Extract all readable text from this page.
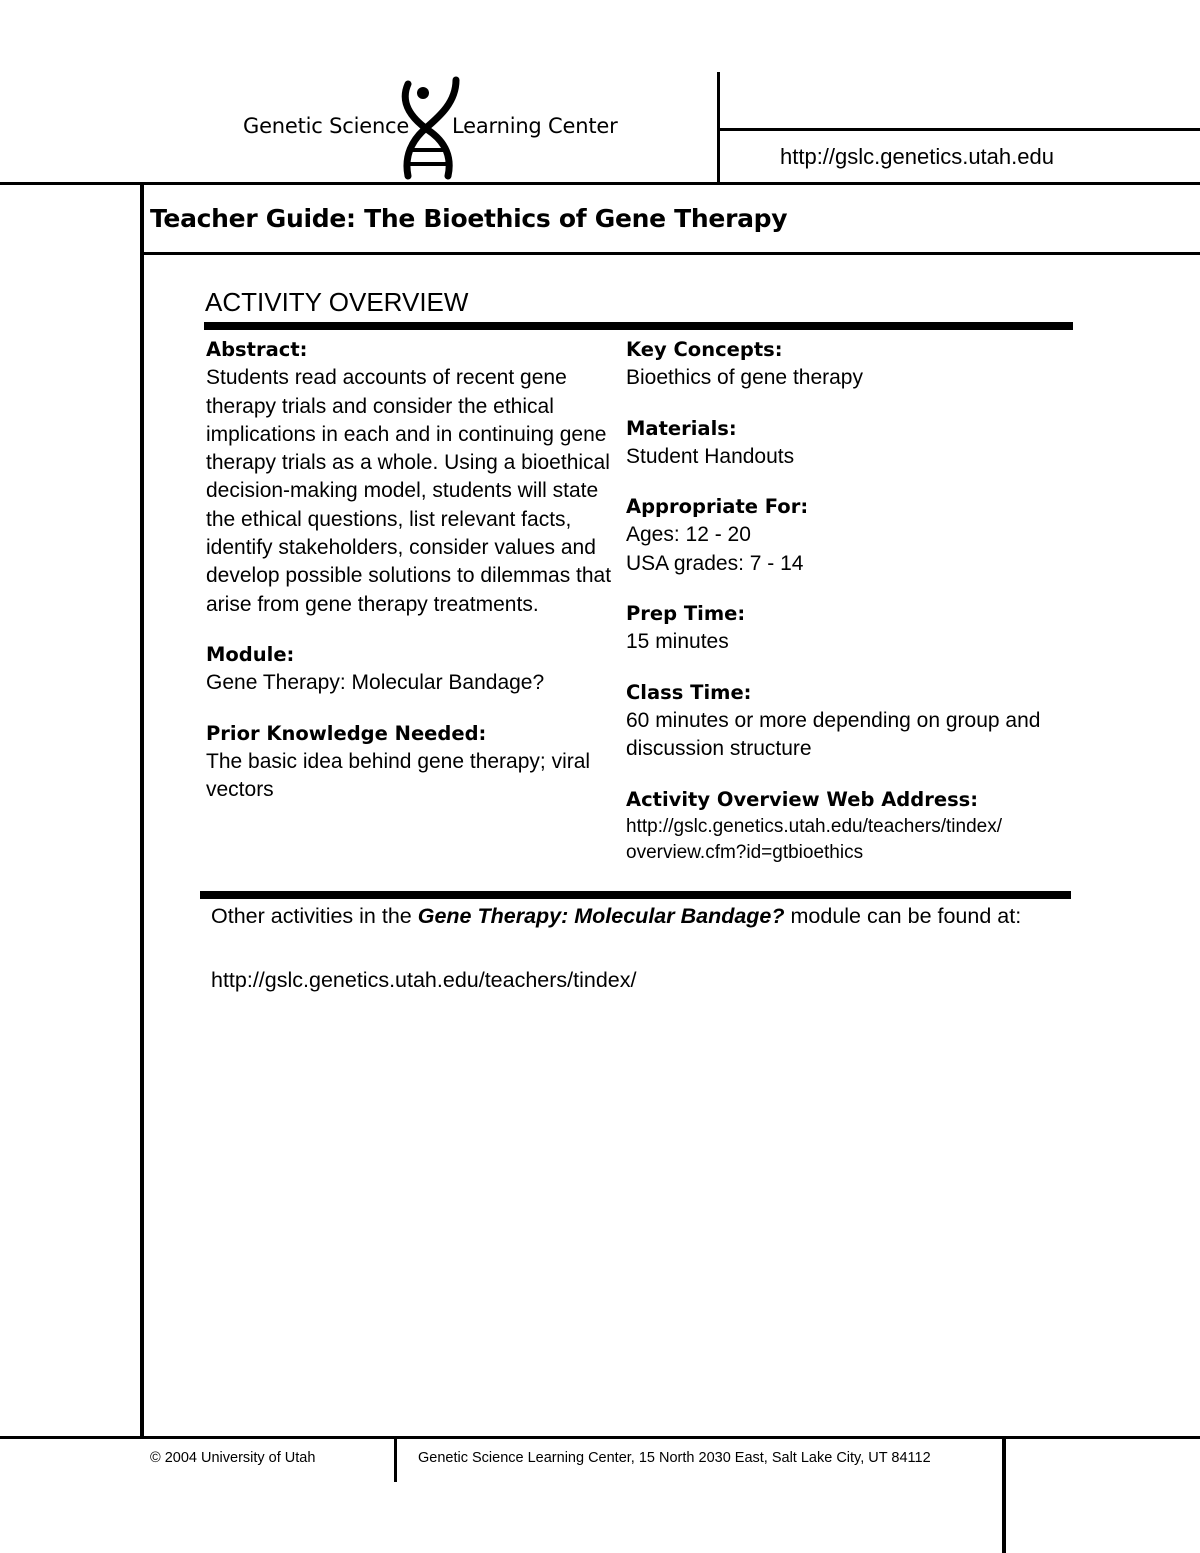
Genetic Science Learning Center
http://gslc.genetics.utah.edu
Teacher Guide: The Bioethics of Gene Therapy
ACTIVITY OVERVIEW
Abstract:

Students read accounts of recent gene therapy trials and consider the ethical implications in each and in continuing gene therapy trials as a whole. Using a bioethical decision-making model, students will state the ethical questions, list relevant facts, identify stakeholders, consider values and develop possible solutions to dilemmas that arise from gene therapy treatments.

Module:

Gene Therapy: Molecular Bandage?

Prior Knowledge Needed:

The basic idea behind gene therapy; viral vectors

Key Concepts:

Bioethics of gene therapy

Materials:

Student Handouts

Appropriate For:

Ages: 12 - 20

USA grades: 7 - 14

Prep Time:

15 minutes

Class Time:

60 minutes or more depending on group and discussion structure

Activity Overview Web Address:

http://gslc.genetics.utah.edu/teachers/tindex/

overview.cfm?id=gtbioethics

Other activities in the Gene Therapy: Molecular Bandage? module can be found at:
http://gslc.genetics.utah.edu/teachers/tindex/
© 2004 University of Utah	Genetic Science Learning Center, 15 North 2030 East, Salt Lake City, UT 84112
